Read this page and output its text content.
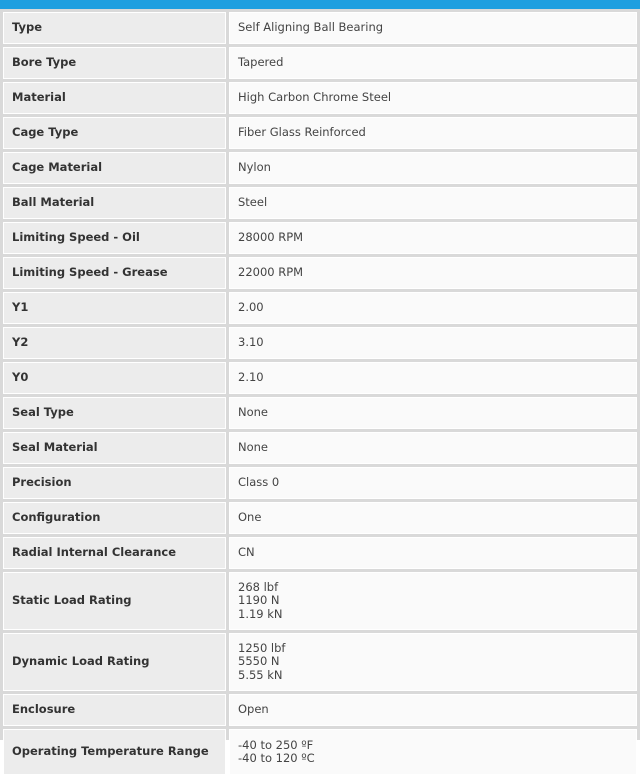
Type	Self Aligning Ball Bearing

Bore Type	Tapered

Material	High Carbon Chrome Steel

Cage Type	Fiber Glass Reinforced

Cage Material	Nylon

Ball Material	Steel

Limiting Speed - Oil	28000 RPM

Limiting Speed - Grease	22000 RPM

Y1	2.00

Y2	3.10

Y0	2.10

Seal Type	None

Seal Material	None

Precision	Class 0

Configuration	One

Radial Internal Clearance	CN

Static Load Rating	268 lbf
1190 N
1.19 kN

Dynamic Load Rating	1250 lbf
5550 N
5.55 kN

Enclosure	Open

Operating Temperature Range	-40 to 250 ºF
-40 to 120 ºC
